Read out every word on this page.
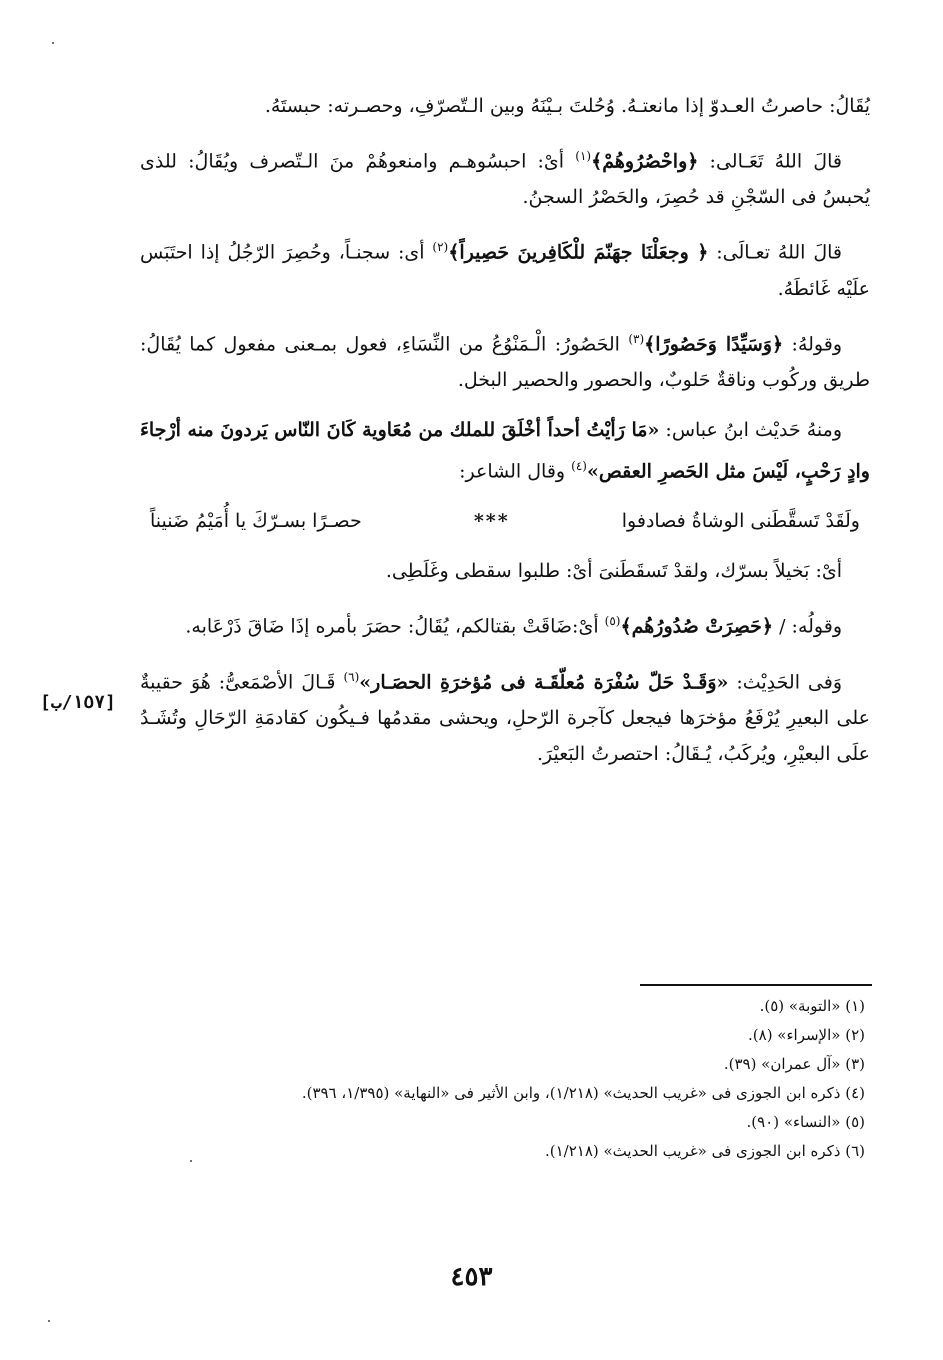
يُقَالُ: حاصرتُ العـدوّ إذا مانعتـهُ. وُحُلتَ بـيْنَهُ وبين الـتّصرّفِ، وحصـرته: حبستَهُ.

قالَ اللهُ تَعَـالى: ﴿واحْصُرُوهُمْ﴾$^{(١)}$ أىْ: احبسُوهـم وامنعوهُمْ منَ الـتّصرف ويُقَالُ: للذى يُحبسُ فى السّجْنِ قد حُصِرَ، والحَصْرُ السجنُ.

قالَ اللهُ تعـالَى: ﴿ وجعَلْنَا جهَنّمَ للْكَافِرينَ حَصِيراً﴾$^{(٢)}$ أى: سجنـاً، وحُصِرَ الرّجُلُ إذا احتَبَس علَيْه غَائطَهُ.

وقولهُ: ﴿وَسَيِّدًا وَحَصُورًا﴾$^{(٣)}$ الحَصُورُ: الْـمَنْوُعُ من النِّسَاءِ، فعول بمـعنى مفعول كما يُقَالُ: طريق وركُوب وناقةٌ حَلوبٌ، والحصور والحصير البخل.

ومنهُ حَديْث ابنُ عباس: «مَا رَأيْتُ أحداً أخْلَقَ للملك من مُعَاوية كَانَ النّاس يَردونَ منه أرْجاءَ وادٍ رَحْبٍ، لَيْسَ مثل الحَصرِ العقص»$^{(٤)}$ وقال الشاعر:

ولَقَدْ تَسقَّطَنى الوشاةُ فصادفوا
***
حصـرًا بسـرّكَ يا أُمَيْمُ ضَنيناً

أىْ: بَخيلاً بسرّك، ولقدْ تَسقَطَنىَ أىْ: طلبوا سقطى وغَلَطِى.

وقولُه: / ﴿حَصِرَتْ صُدُورُهُم﴾$^{(٥)}$ أىْ:ضَاقَتْ بقتالكم، يُقَالُ: حصَرَ بأمره إذَا ضَاقَ ذَرْعَابه.

وَفى الحَدِيْث: «وَقَـدْ حَلّ سُفْرَة مُعلّقَـة فى مُؤخرَةِ الحصَـار»$^{(٦)}$ قَـالَ الأصْمَعىُّ: هُوَ حقيبةٌ على البعيرِ يُرْفَعُ مؤخرَها فيجعل كآجرة الرّحلِ، ويحشى مقدمُها فـيكُون كقادمَةِ الرّحَالِ وتُشَـدُ علَى البعيْرِ، ويُركَبُ، يُـقَالُ: احتصرتُ البَعيْرَ.

[١٥٧/ب]

(١) «التوبة» (٥).

(٢) «الإسراء» (٨).

(٣) «آل عمران» (٣٩).

(٤) ذكره ابن الجوزى فى «غريب الحديث» (١/٢١٨)، وابن الأثير فى «النهاية» (١/٣٩٥، ٣٩٦).

(٥) «النساء» (٩٠).

(٦) ذكره ابن الجوزى فى «غريب الحديث» (١/٢١٨).

٤٥٣
